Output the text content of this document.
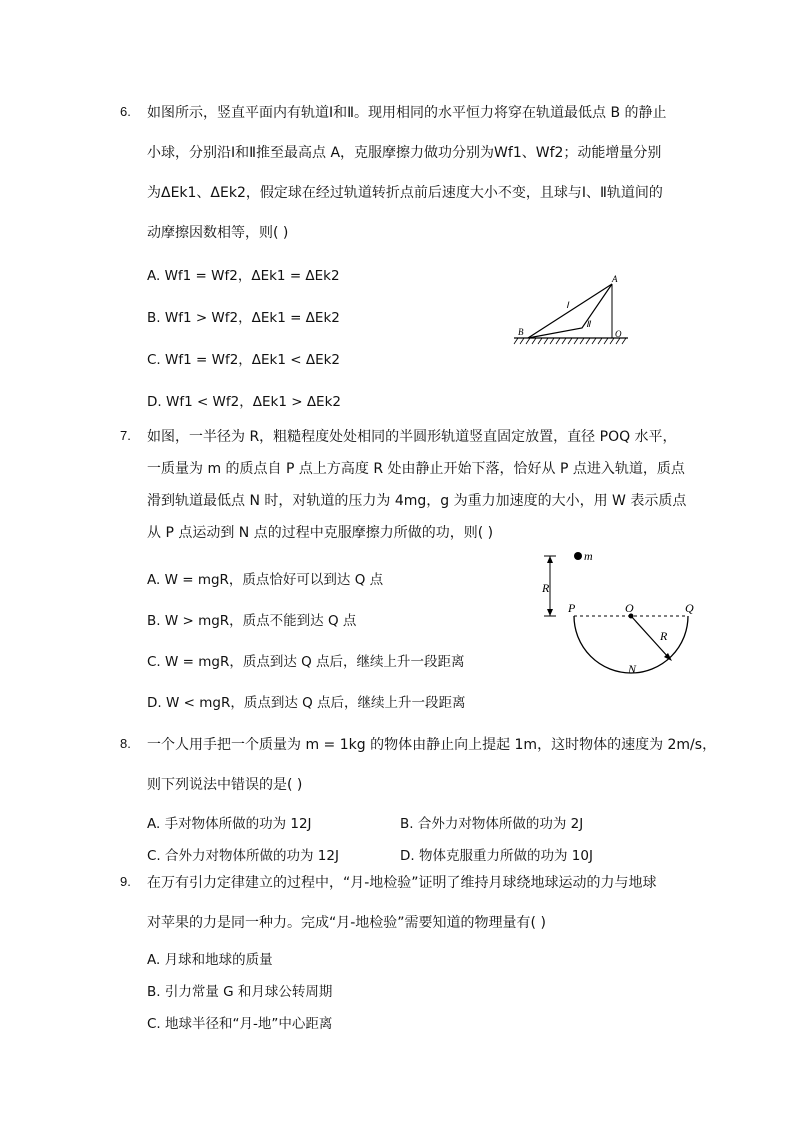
6. 如图所示，竖直平面内有轨道Ⅰ和Ⅱ。现用相同的水平恒力将穿在轨道最低点 B 的静止
小球，分别沿Ⅰ和Ⅱ推至最高点 A，克服摩擦力做功分别为Wf1、Wf2；动能增量分别
为ΔEk1、ΔEk2，假定球在经过轨道转折点前后速度大小不变，且球与Ⅰ、Ⅱ轨道间的
动摩擦因数相等，则( )
A. Wf1 = Wf2，ΔEk1 = ΔEk2
B. Wf1 > Wf2，ΔEk1 = ΔEk2
C. Wf1 = Wf2，ΔEk1 < ΔEk2
D. Wf1 < Wf2，ΔEk1 > ΔEk2
A
B	O
Ⅰ
Ⅱ
7. 如图，一半径为 R，粗糙程度处处相同的半圆形轨道竖直固定放置，直径 POQ 水平，
一质量为 m 的质点自 P 点上方高度 R 处由静止开始下落，恰好从 P 点进入轨道，质点
滑到轨道最低点 N 时，对轨道的压力为 4mg，g 为重力加速度的大小，用 W 表示质点
从 P 点运动到 N 点的过程中克服摩擦力所做的功，则( )
A. W = mgR，质点恰好可以到达 Q 点
B. W > mgR，质点不能到达 Q 点
C. W = mgR，质点到达 Q 点后，继续上升一段距离
D. W < mgR，质点到达 Q 点后，继续上升一段距离
m
R
R
P	O	Q
N
8. 一个人用手把一个质量为 m = 1kg 的物体由静止向上提起 1m，这时物体的速度为 2m/s，
则下列说法中错误的是( )
A. 手对物体所做的功为 12J	B. 合外力对物体所做的功为 2J
C. 合外力对物体所做的功为 12J	D. 物体克服重力所做的功为 10J
9. 在万有引力定律建立的过程中，“月-地检验”证明了维持月球绕地球运动的力与地球
对苹果的力是同一种力。完成“月-地检验”需要知道的物理量有( )
A. 月球和地球的质量
B. 引力常量 G 和月球公转周期
C. 地球半径和“月-地”中心距离
